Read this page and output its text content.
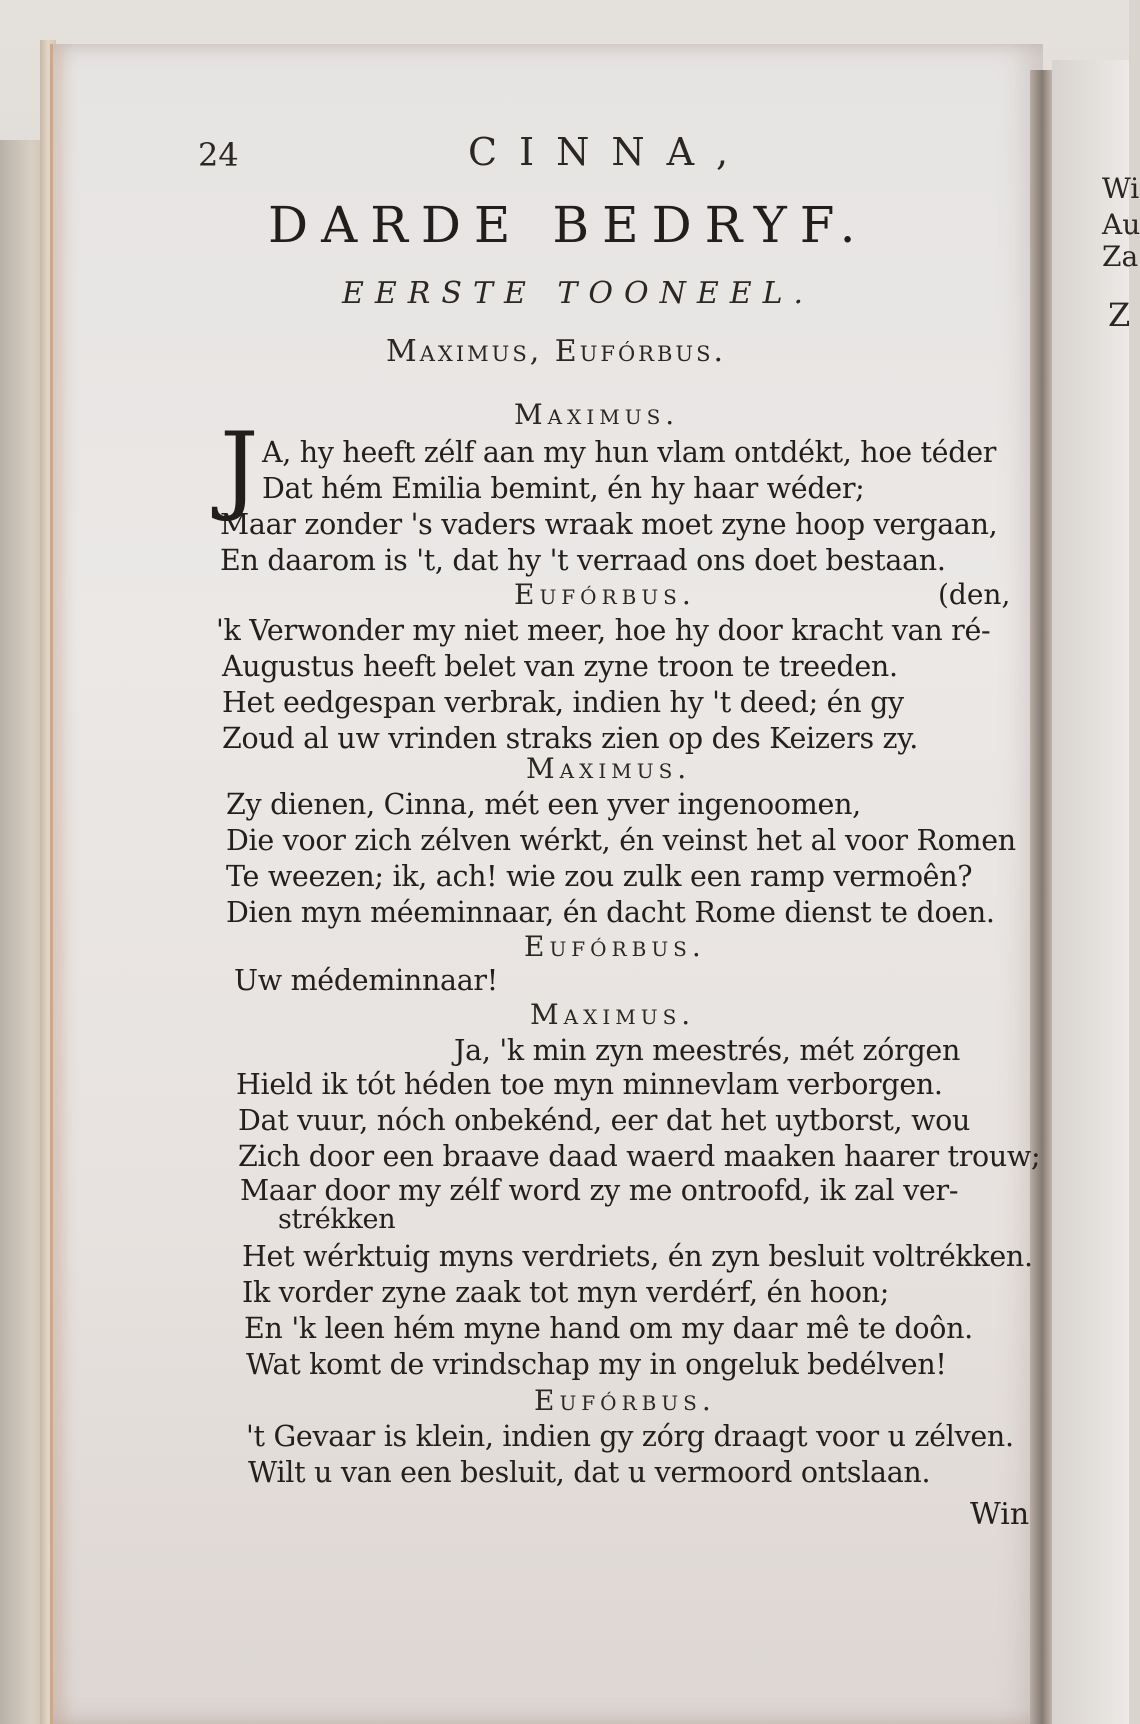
Wi
Au
Za
Z
24	CINNA,
DARDE BEDRYF.
EERSTE TOONEEL.
Maximus, Eufórbus.
Maximus.
J A, hy heeft zélf aan my hun vlam ontdékt, hoe téder
Dat hém Emilia bemint, én hy haar wéder;
Maar zonder 's vaders wraak moet zyne hoop vergaan,
En daarom is 't, dat hy 't verraad ons doet bestaan.
Eufórbus.	(den,
'k Verwonder my niet meer, hoe hy door kracht van ré-
Augustus heeft belet van zyne troon te treeden.
Het eedgespan verbrak, indien hy 't deed; én gy
Zoud al uw vrinden straks zien op des Keizers zy.
Maximus.
Zy dienen, Cinna, mét een yver ingenoomen,
Die voor zich zélven wérkt, én veinst het al voor Romen
Te weezen; ik, ach! wie zou zulk een ramp vermoên?
Dien myn méeminnaar, én dacht Rome dienst te doen.
Eufórbus.
Uw médeminnaar!
Maximus.
Ja, 'k min zyn meestrés, mét zórgen
Hield ik tót héden toe myn minnevlam verborgen.
Dat vuur, nóch onbekénd, eer dat het uytborst, wou
Zich door een braave daad waerd maaken haarer trouw;
Maar door my zélf word zy me ontroofd, ik zal ver-
strékken
Het wérktuig myns verdriets, én zyn besluit voltrékken.
Ik vorder zyne zaak tot myn verdérf, én hoon;
En 'k leen hém myne hand om my daar mê te doôn.
Wat komt de vrindschap my in ongeluk bedélven!
Eufórbus.
't Gevaar is klein, indien gy zórg draagt voor u zélven.
Wilt u van een besluit, dat u vermoord ontslaan.
Win
